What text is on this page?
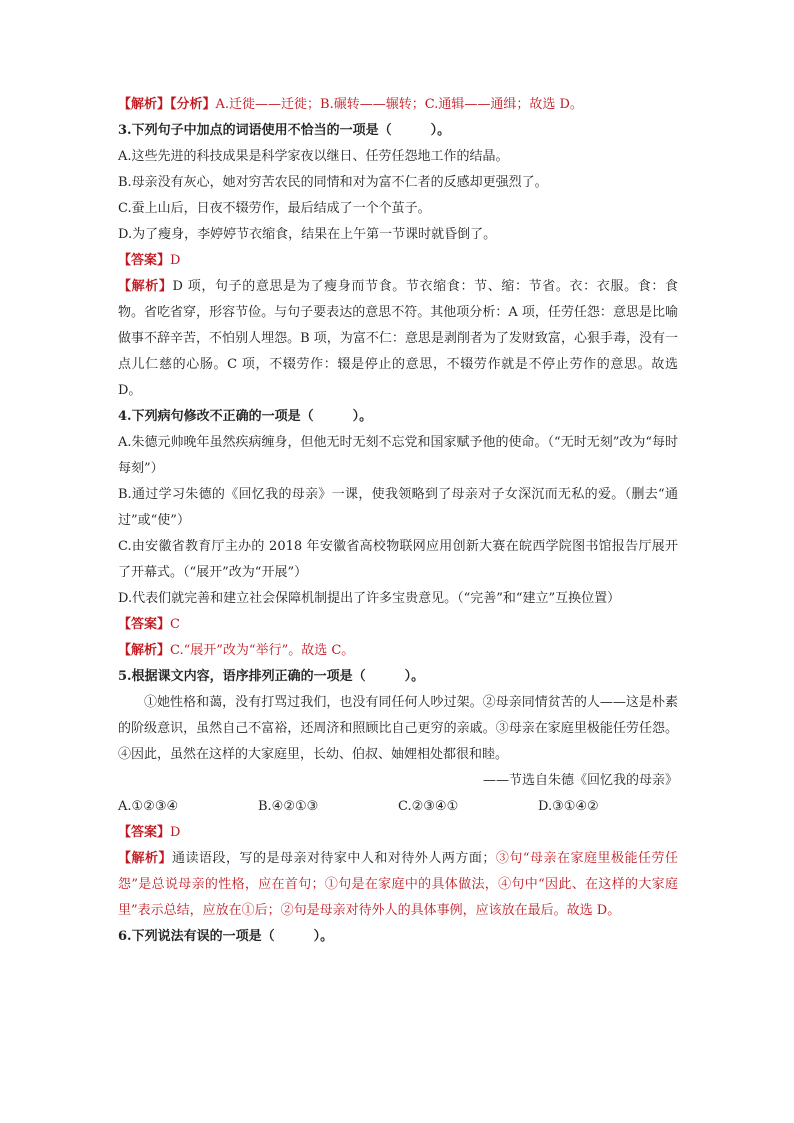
【解析】【分析】A.迁徙——迁徙；B.碾转——辗转；C.通辑——通缉；故选 D。
3.下列句子中加点的词语使用不恰当的一项是（　　　）。
A.这些先进的科技成果是科学家夜以继日、任劳任怨地工作的结晶。
B.母亲没有灰心，她对穷苦农民的同情和对为富不仁者的反感却更强烈了。
C.蚕上山后，日夜不辍劳作，最后结成了一个个茧子。
D.为了瘦身，李婷婷节衣缩食，结果在上午第一节课时就昏倒了。
【答案】D
【解析】D 项，句子的意思是为了瘦身而节食。节衣缩食：节、缩：节省。衣：衣服。食：食物。省吃省穿，形容节俭。与句子要表达的意思不符。其他项分析：A 项，任劳任怨：意思是比喻做事不辞辛苦，不怕别人埋怨。B 项，为富不仁：意思是剥削者为了发财致富，心狠手毒，没有一点儿仁慈的心肠。C 项，不辍劳作：辍是停止的意思，不辍劳作就是不停止劳作的意思。故选 D。
4.下列病句修改不正确的一项是（　　　）。
A.朱德元帅晚年虽然疾病缠身，但他无时无刻不忘党和国家赋予他的使命。（“无时无刻”改为“每时每刻”）
B.通过学习朱德的《回忆我的母亲》一课，使我领略到了母亲对子女深沉而无私的爱。（删去“通过”或“使”）
C.由安徽省教育厅主办的 2018 年安徽省高校物联网应用创新大赛在皖西学院图书馆报告厅展开了开幕式。（“展开”改为“开展”）
D.代表们就完善和建立社会保障机制提出了许多宝贵意见。（“完善”和“建立”互换位置）
【答案】C
【解析】C.“展开”改为“举行”。故选 C。
5.根据课文内容，语序排列正确的一项是（　　　）。
①她性格和蔼，没有打骂过我们，也没有同任何人吵过架。②母亲同情贫苦的人——这是朴素的阶级意识，虽然自己不富裕，还周济和照顾比自己更穷的亲戚。③母亲在家庭里极能任劳任怨。④因此，虽然在这样的大家庭里，长幼、伯叔、妯娌相处都很和睦。
——节选自朱德《回忆我的母亲》
A.①②③④	B.④②①③	C.②③④①	D.③①④②
【答案】D
【解析】通读语段，写的是母亲对待家中人和对待外人两方面；③句“母亲在家庭里极能任劳任怨”是总说母亲的性格，应在首句；①句是在家庭中的具体做法，④句中“因此、在这样的大家庭里”表示总结，应放在①后；②句是母亲对待外人的具体事例，应该放在最后。故选 D。
6.下列说法有误的一项是（　　　）。
